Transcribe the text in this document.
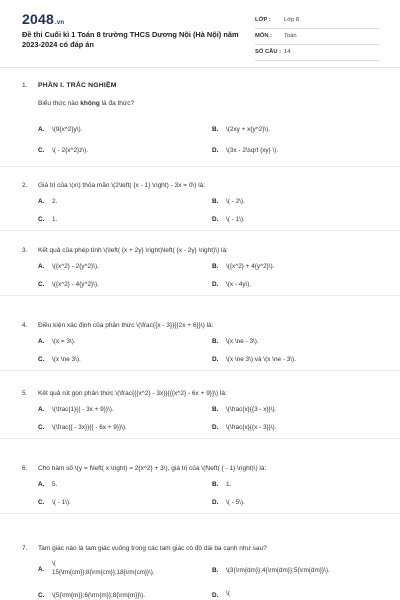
2048.vn
Đề thi Cuối kì 1 Toán 8 trường THCS Dương Nội (Hà Nội) năm 2023-2024 có đáp án
LỚP : Lớp 8
MÔN : Toán
SỐ CÂU : 14
1. PHẦN I. TRẮC NGHIỆM
Biểu thức nào không là đa thức?
A. \(9{x^2}y\).	B. \(2xy + x{y^2}\).
C. \( - 2{x^2}z\).	D. \(3x - 2\sqrt {xy} \).
2. Giá trị của \(x\) thỏa mãn \(2\left( {x - 1} \right) - 3x = 0\) là:
A. 2.	B. \( - 2\).
C. 1.	D. \( - 1\).
3. Kết quả của phép tính \(\left( {x + 2y} \right)\left( {x - 2y} \right)\) là:
A. \({x^2} - 2{y^2}\).	B. \({x^2} + 4{y^2}\).
C. \({x^2} - 4{y^2}\).	D. \(x - 4y\).
4. Điều kiện xác định của phân thức \(\frac{{x - 3}}{{2x + 6}}\) là:
A. \(x = 3\).	B. \(x \ne - 3\).
C. \(x \ne 3\).	D. \(x \ne 3\) và \(x \ne - 3\).
5. Kết quả rút gọn phân thức \(\frac{{{x^2} - 3x}}{{{x^2} - 6x + 9}}\) là:
A. \(\frac{1}{{ - 3x + 9}}\).	B. \(\frac{x}{{3 - x}}\).
C. \(\frac{{ - 3x}}{{ - 6x + 9}}\).	D. \(\frac{x}{{x - 3}}\).
6. Cho hàm số \(y = f\left( x \right) = 2{x^2} + 3\), giá trị của \(f\left( { - 1} \right)\) là:
A. 5.	B. 1.
C. \( - 1\).	D. \( - 5\).
7. Tam giác nào là tam giác vuông trong các tam giác có độ dài ba cạnh như sau?
A.
\(
15{\rm{cm}};8{\rm{cm}};18{\rm{cm}}\).	B. \(3{\rm{dm}};4{\rm{dm}};5{\rm{dm}}\).
C. \(5{\rm{m}};6{\rm{m}};8{\rm{m}}\).	D. \(
